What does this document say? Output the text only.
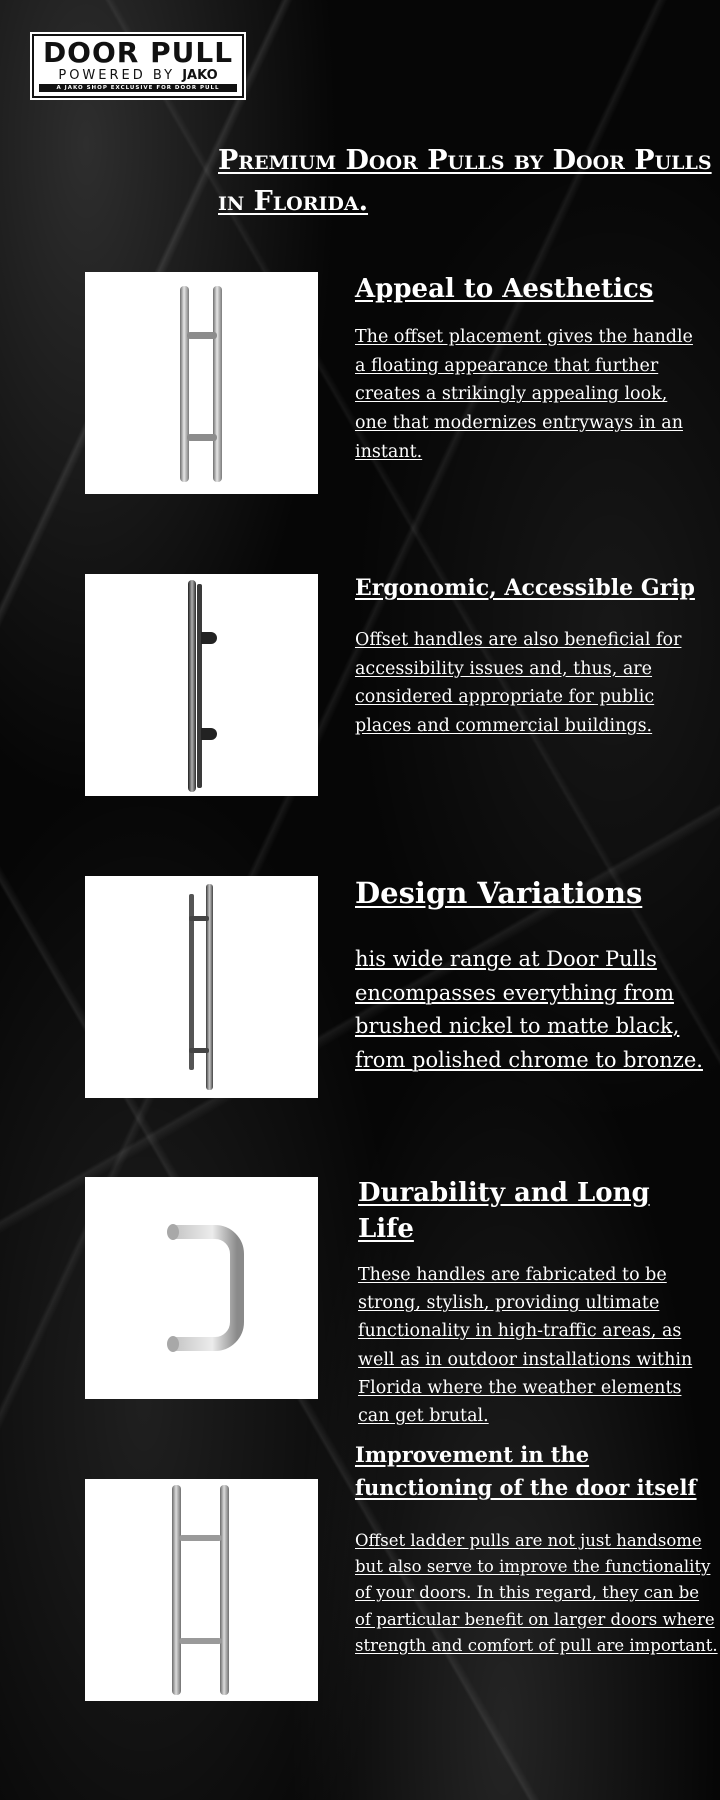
DOOR PULL
POWERED BY JAKO
A JAKO SHOP EXCLUSIVE FOR DOOR PULL
Premium Door Pulls by Door Pulls in Florida.
Appeal to Aesthetics

The offset placement gives the handle a floating appearance that further creates a strikingly appealing look, one that modernizes entryways in an instant.

Ergonomic, Accessible Grip

Offset handles are also beneficial for accessibility issues and, thus, are considered appropriate for public places and commercial buildings.

Design Variations

his wide range at Door Pulls encompasses everything from brushed nickel to matte black, from polished chrome to bronze.

Durability and Long Life

These handles are fabricated to be strong, stylish, providing ultimate functionality in high-traffic areas, as well as in outdoor installations within Florida where the weather elements can get brutal.

Improvement in the functioning of the door itself

Offset ladder pulls are not just handsome but also serve to improve the functionality of your doors. In this regard, they can be of particular benefit on larger doors where strength and comfort of pull are important.
